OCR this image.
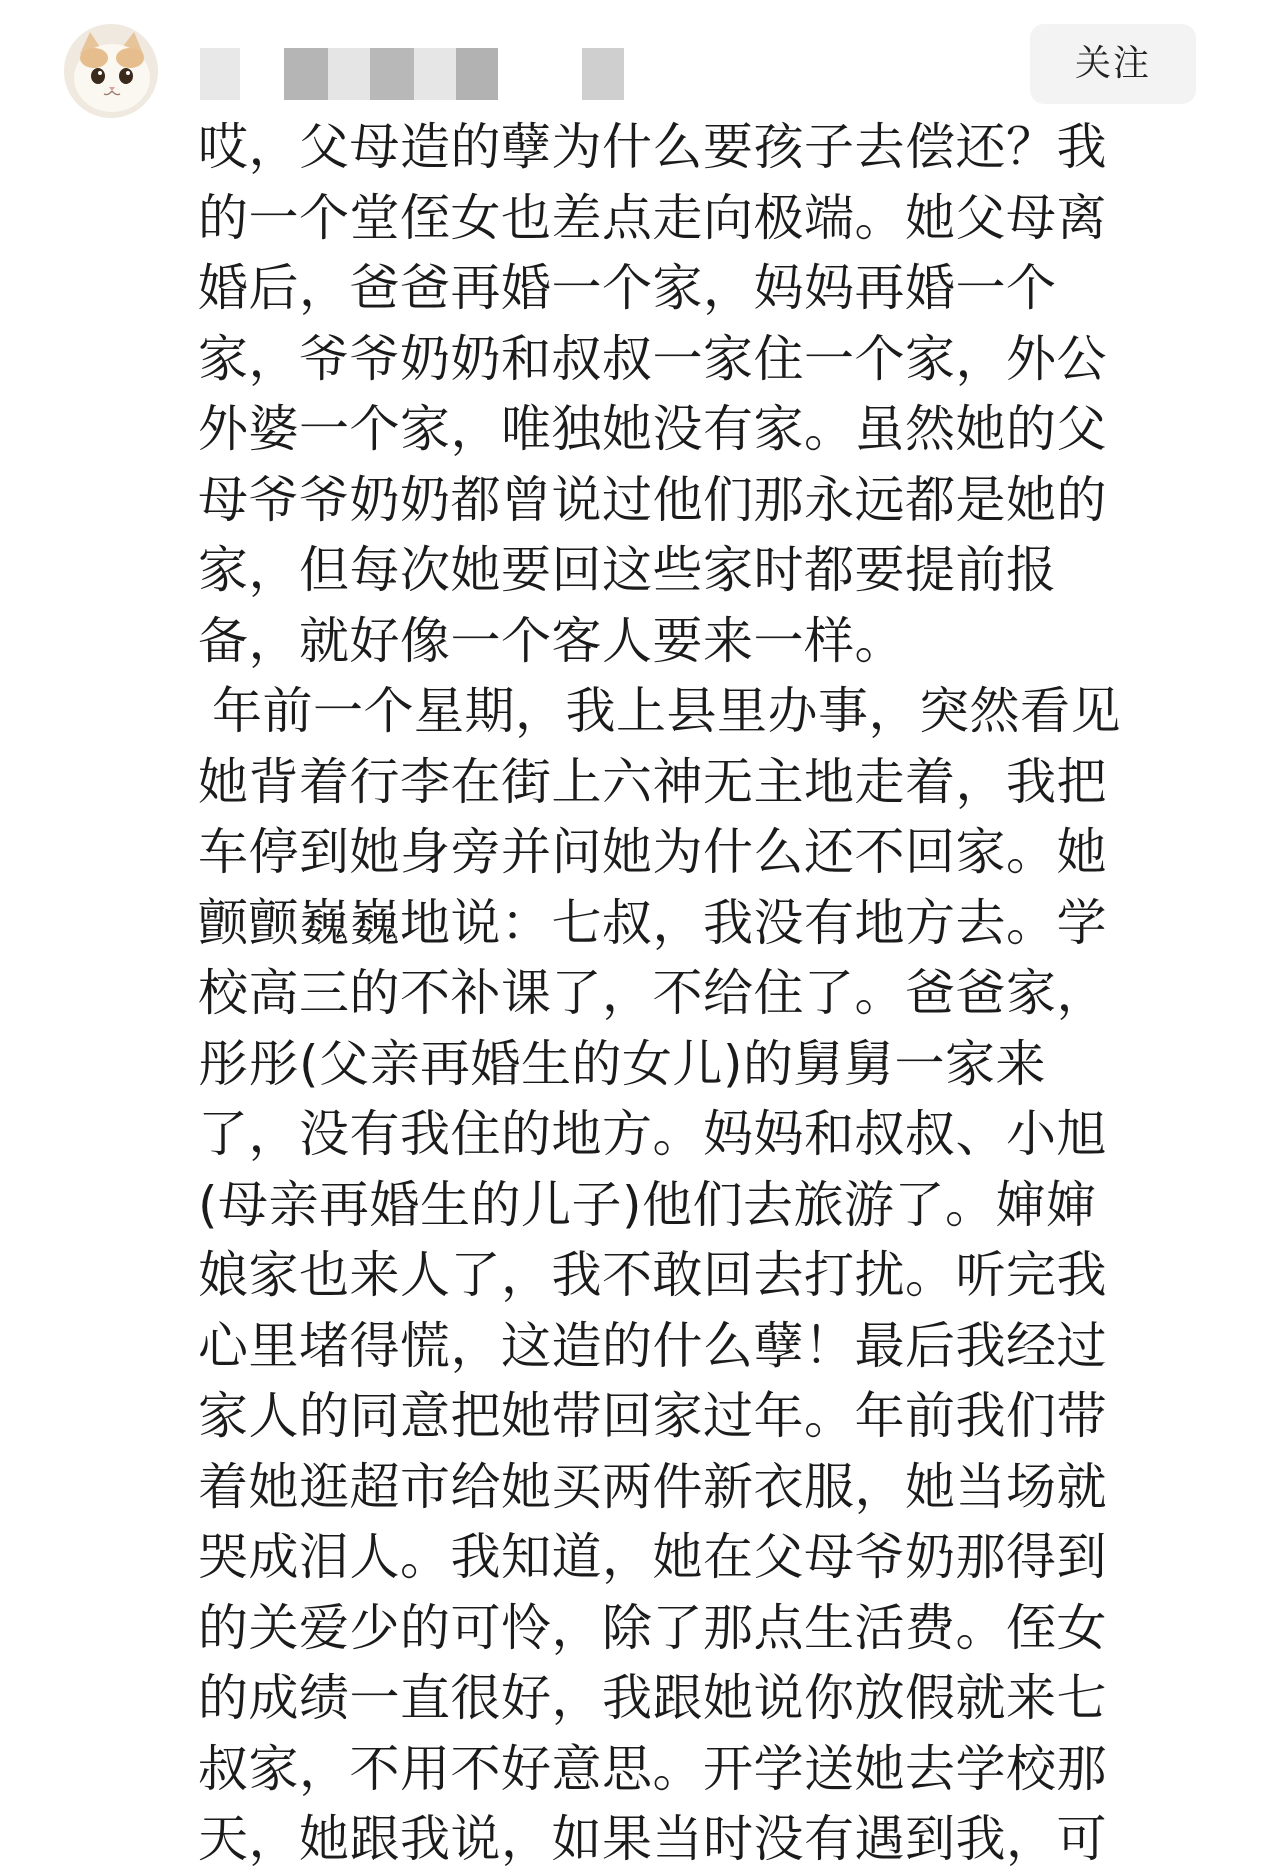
关注
哎，父母造的孽为什么要孩子去偿还？我
的一个堂侄女也差点走向极端。她父母离
婚后，爸爸再婚一个家，妈妈再婚一个
家，爷爷奶奶和叔叔一家住一个家，外公
外婆一个家，唯独她没有家。虽然她的父
母爷爷奶奶都曾说过他们那永远都是她的
家，但每次她要回这些家时都要提前报
备，就好像一个客人要来一样。
年前一个星期，我上县里办事，突然看见
她背着行李在街上六神无主地走着，我把
车停到她身旁并问她为什么还不回家。她
颤颤巍巍地说：七叔，我没有地方去。学
校高三的不补课了，不给住了。爸爸家，
彤彤(父亲再婚生的女儿)的舅舅一家来
了，没有我住的地方。妈妈和叔叔、小旭
(母亲再婚生的儿子)他们去旅游了。婶婶
娘家也来人了，我不敢回去打扰。听完我
心里堵得慌，这造的什么孽！最后我经过
家人的同意把她带回家过年。年前我们带
着她逛超市给她买两件新衣服，她当场就
哭成泪人。我知道，她在父母爷奶那得到
的关爱少的可怜，除了那点生活费。侄女
的成绩一直很好，我跟她说你放假就来七
叔家，不用不好意思。开学送她去学校那
天，她跟我说，如果当时没有遇到我，可
